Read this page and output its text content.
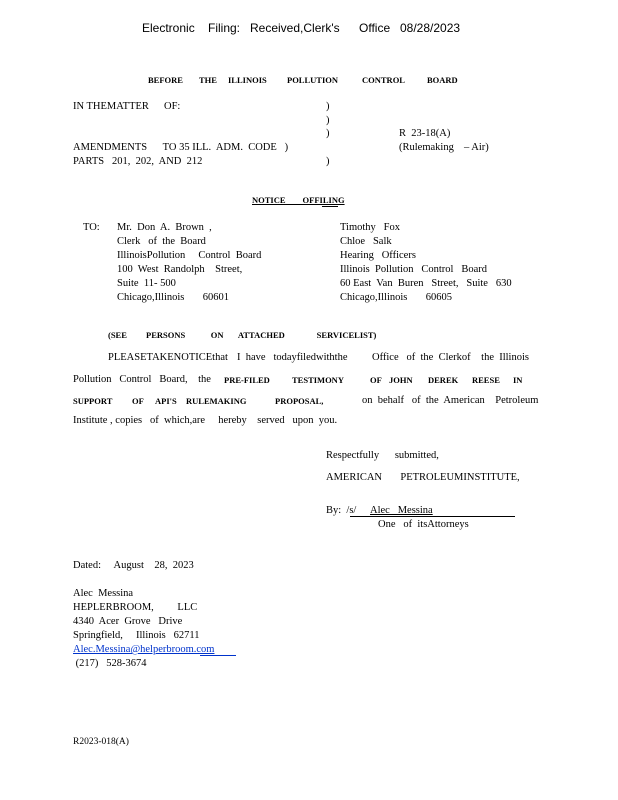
Electronic Filing: Received,Clerk's Office 08/28/2023
BEFORE THE ILLINOIS POLLUTION	CONTROL	BOARD
IN THEMATTER OF:	)
)
)	R  23-18(A)
AMENDMENTS      TO 35 ILL.  ADM.  CODE   )	(Rulemaking – Air)
PARTS   201,  202,  AND  212	)
NOTICE        OFFILING
TO: Mr.  Don  A.  Brown  ,
Clerk   of  the  Board
IllinoisPollution     Control  Board
100  West  Randolph    Street,
Suite  11- 500
Chicago,Illinois       60601
Timothy   Fox
Chloe   Salk
Hearing   Officers
Illinois  Pollution   Control   Board
60 East  Van  Buren   Street,   Suite   630
Chicago,Illinois       60605
(SEE         PERSONS            ON       ATTACHED               SERVICELIST)
PLEASETAKENOTICEthat I  have   todayfiledwiththe Office   of  the  Clerkof    the  Illinois
Pollution   Control   Board,    the PRE-FILED	TESTIMONY	OF JOHN DEREK REESE IN
SUPPORT OF API'S RULEMAKING	PROPOSAL,	on  behalf   of  the  American    Petroleum
Institute , copies   of  which,are     hereby    served   upon  you.
Respectfully      submitted,
AMERICAN       PETROLEUMINSTITUTE,
By:  /s/ Alec   Messina
One   of  itsAttorneys
Dated:     August    28,  2023
Alec  Messina
HEPLERBROOM,         LLC
4340  Acer  Grove   Drive
Springfield,     Illinois   62711
Alec.Messina@helperbroom.com
(217)   528-3674
R2023-018(A)
